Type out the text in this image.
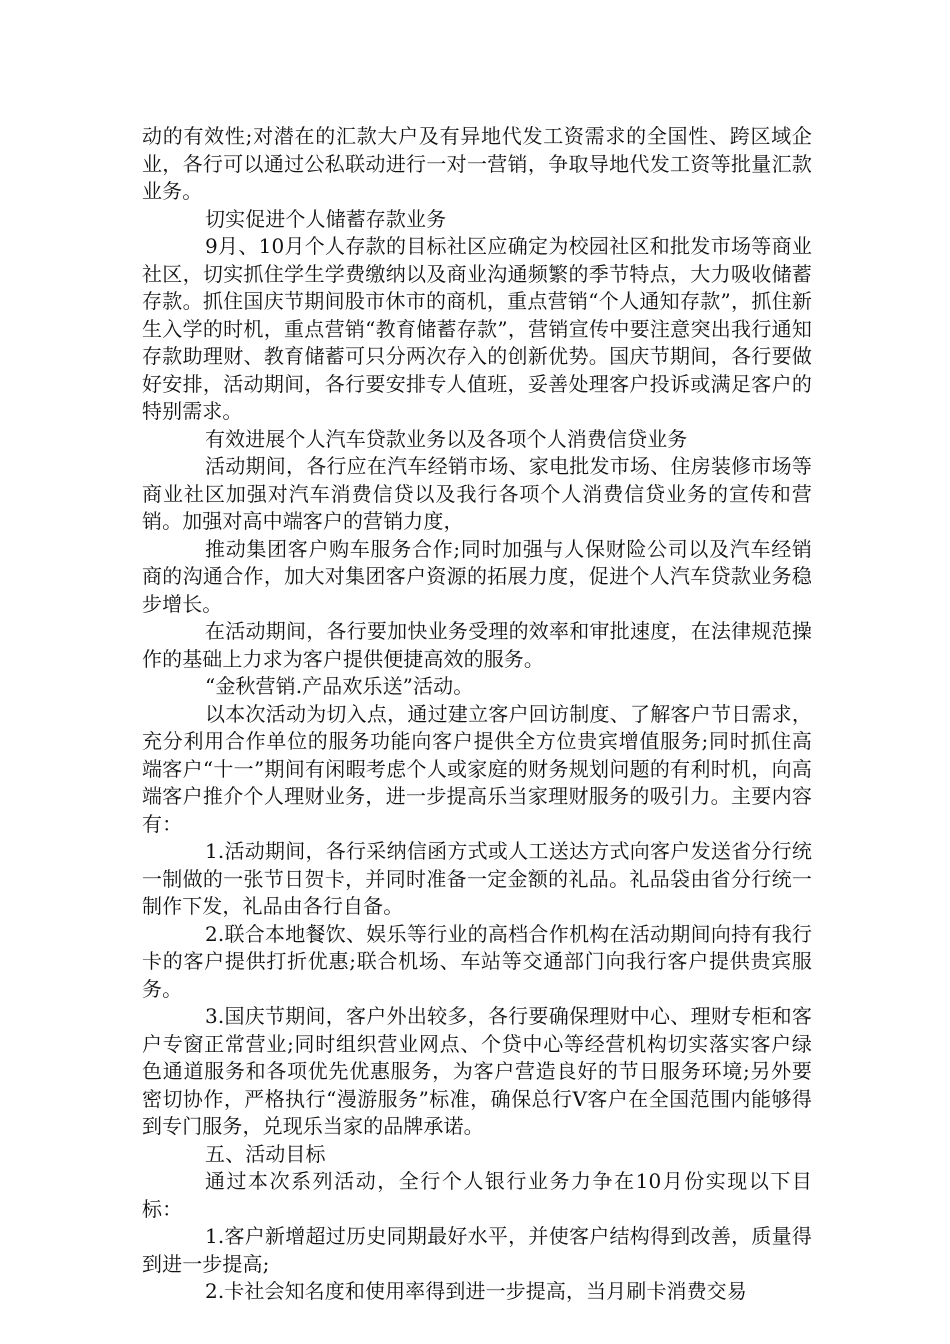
动的有效性;对潜在的汇款大户及有异地代发工资需求的全国性、跨区域企业，各行可以通过公私联动进行一对一营销，争取导地代发工资等批量汇款业务。

切实促进个人储蓄存款业务

9月、10月个人存款的目标社区应确定为校园社区和批发市场等商业社区，切实抓住学生学费缴纳以及商业沟通频繁的季节特点，大力吸收储蓄存款。抓住国庆节期间股市休市的商机，重点营销“个人通知存款”，抓住新生入学的时机，重点营销“教育储蓄存款”，营销宣传中要注意突出我行通知存款助理财、教育储蓄可只分两次存入的创新优势。国庆节期间，各行要做好安排，活动期间，各行要安排专人值班，妥善处理客户投诉或满足客户的特别需求。

有效进展个人汽车贷款业务以及各项个人消费信贷业务

活动期间，各行应在汽车经销市场、家电批发市场、住房装修市场等商业社区加强对汽车消费信贷以及我行各项个人消费信贷业务的宣传和营销。加强对高中端客户的营销力度，

推动集团客户购车服务合作;同时加强与人保财险公司以及汽车经销商的沟通合作，加大对集团客户资源的拓展力度，促进个人汽车贷款业务稳步增长。

在活动期间，各行要加快业务受理的效率和审批速度，在法律规范操作的基础上力求为客户提供便捷高效的服务。

“金秋营销.产品欢乐送”活动。

以本次活动为切入点，通过建立客户回访制度、了解客户节日需求，充分利用合作单位的服务功能向客户提供全方位贵宾增值服务;同时抓住高端客户“十一”期间有闲暇考虑个人或家庭的财务规划问题的有利时机，向高端客户推介个人理财业务，进一步提高乐当家理财服务的吸引力。主要内容有：

1.活动期间，各行采纳信函方式或人工送达方式向客户发送省分行统一制做的一张节日贺卡，并同时准备一定金额的礼品。礼品袋由省分行统一制作下发，礼品由各行自备。

2.联合本地餐饮、娱乐等行业的高档合作机构在活动期间向持有我行卡的客户提供打折优惠;联合机场、车站等交通部门向我行客户提供贵宾服务。

3.国庆节期间，客户外出较多，各行要确保理财中心、理财专柜和客户专窗正常营业;同时组织营业网点、个贷中心等经营机构切实落实客户绿色通道服务和各项优先优惠服务，为客户营造良好的节日服务环境;另外要密切协作，严格执行“漫游服务”标准，确保总行V客户在全国范围内能够得到专门服务，兑现乐当家的品牌承诺。

五、活动目标

通过本次系列活动，全行个人银行业务力争在10月份实现以下目标：

1.客户新增超过历史同期最好水平，并使客户结构得到改善，质量得到进一步提高;

2.卡社会知名度和使用率得到进一步提高，当月刷卡消费交易
